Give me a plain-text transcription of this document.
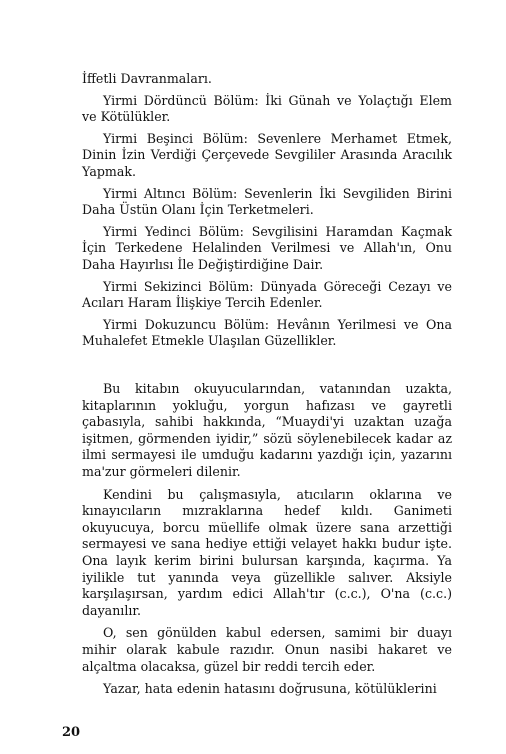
İffetli Davranmaları.

Yirmi Dördüncü Bölüm: İki Günah ve Yolaçtığı Elem ve Kötülükler.

Yirmi Beşinci Bölüm: Sevenlere Merhamet Etmek, Dinin İzin Verdiği Çerçevede Sevgililer Arasında Aracılık Yapmak.

Yirmi Altıncı Bölüm: Sevenlerin İki Sevgiliden Birini Daha Üstün Olanı İçin Terketmeleri.

Yirmi Yedinci Bölüm: Sevgilisini Haramdan Kaçmak İçin Terkedene Helalinden Verilmesi ve Allah'ın, Onu Daha Hayırlısı İle Değiştirdiğine Dair.

Yirmi Sekizinci Bölüm: Dünyada Göreceği Cezayı ve Acıları Haram İlişkiye Tercih Edenler.

Yirmi Dokuzuncu Bölüm: Hevânın Yerilmesi ve Ona Muhalefet Etmekle Ulaşılan Güzellikler.

Bu kitabın okuyucularından, vatanından uzakta, kitaplarının yokluğu, yorgun hafızası ve gayretli çabasıyla, sahibi hakkında, “Muaydi'yi uzaktan uzağa işitmen, görmenden iyidir,” sözü söylenebilecek kadar az ilmi sermayesi ile umduğu kadarını yazdığı için, yazarını ma'zur görmeleri dilenir.

Kendini bu çalışmasıyla, atıcıların oklarına ve kınayıcıların mızraklarına hedef kıldı. Ganimeti okuyucuya, borcu müellife olmak üzere sana arzettiği sermayesi ve sana hediye ettiği velayet hakkı budur işte. Ona layık kerim birini bulursan karşında, kaçırma. Ya iyilikle tut yanında veya güzellikle salıver. Aksiyle karşılaşırsan, yardım edici Allah'tır (c.c.), O'na (c.c.) dayanılır.

O, sen gönülden kabul edersen, samimi bir duayı mihir olarak kabule razıdır. Onun nasibi hakaret ve alçaltma olacaksa, güzel bir reddi tercih eder.

Yazar, hata edenin hatasını doğrusuna, kötülüklerini

20
